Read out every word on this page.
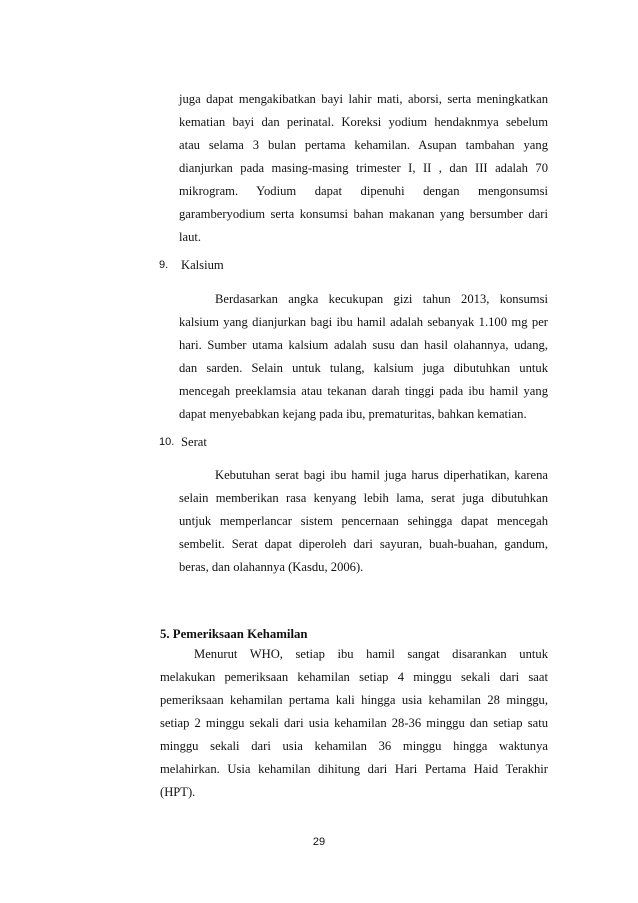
juga dapat mengakibatkan bayi lahir mati, aborsi, serta meningkatkan
kematian bayi dan perinatal. Koreksi yodium hendaknmya sebelum
atau selama 3 bulan pertama kehamilan. Asupan tambahan yang
dianjurkan pada masing-masing trimester I, II , dan III adalah 70
mikrogram. Yodium dapat dipenuhi dengan mengonsumsi
garamberyodium serta konsumsi bahan makanan yang bersumber dari
laut.
9. Kalsium
Berdasarkan angka kecukupan gizi tahun 2013, konsumsi
kalsium yang dianjurkan bagi ibu hamil adalah sebanyak 1.100 mg per
hari. Sumber utama kalsium adalah susu dan hasil olahannya, udang,
dan sarden. Selain untuk tulang, kalsium juga dibutuhkan untuk
mencegah preeklamsia atau tekanan darah tinggi pada ibu hamil yang
dapat menyebabkan kejang pada ibu, prematuritas, bahkan kematian.
10. Serat
Kebutuhan serat bagi ibu hamil juga harus diperhatikan, karena
selain memberikan rasa kenyang lebih lama, serat juga dibutuhkan
untjuk memperlancar sistem pencernaan sehingga dapat mencegah
sembelit. Serat dapat diperoleh dari sayuran, buah-buahan, gandum,
beras, dan olahannya (Kasdu, 2006).
5. Pemeriksaan Kehamilan
Menurut WHO, setiap ibu hamil sangat disarankan untuk
melakukan pemeriksaan kehamilan setiap 4 minggu sekali dari saat
pemeriksaan kehamilan pertama kali hingga usia kehamilan 28 minggu,
setiap 2 minggu sekali dari usia kehamilan 28-36 minggu dan setiap satu
minggu sekali dari usia kehamilan 36 minggu hingga waktunya
melahirkan. Usia kehamilan dihitung dari Hari Pertama Haid Terakhir
(HPT).
29
